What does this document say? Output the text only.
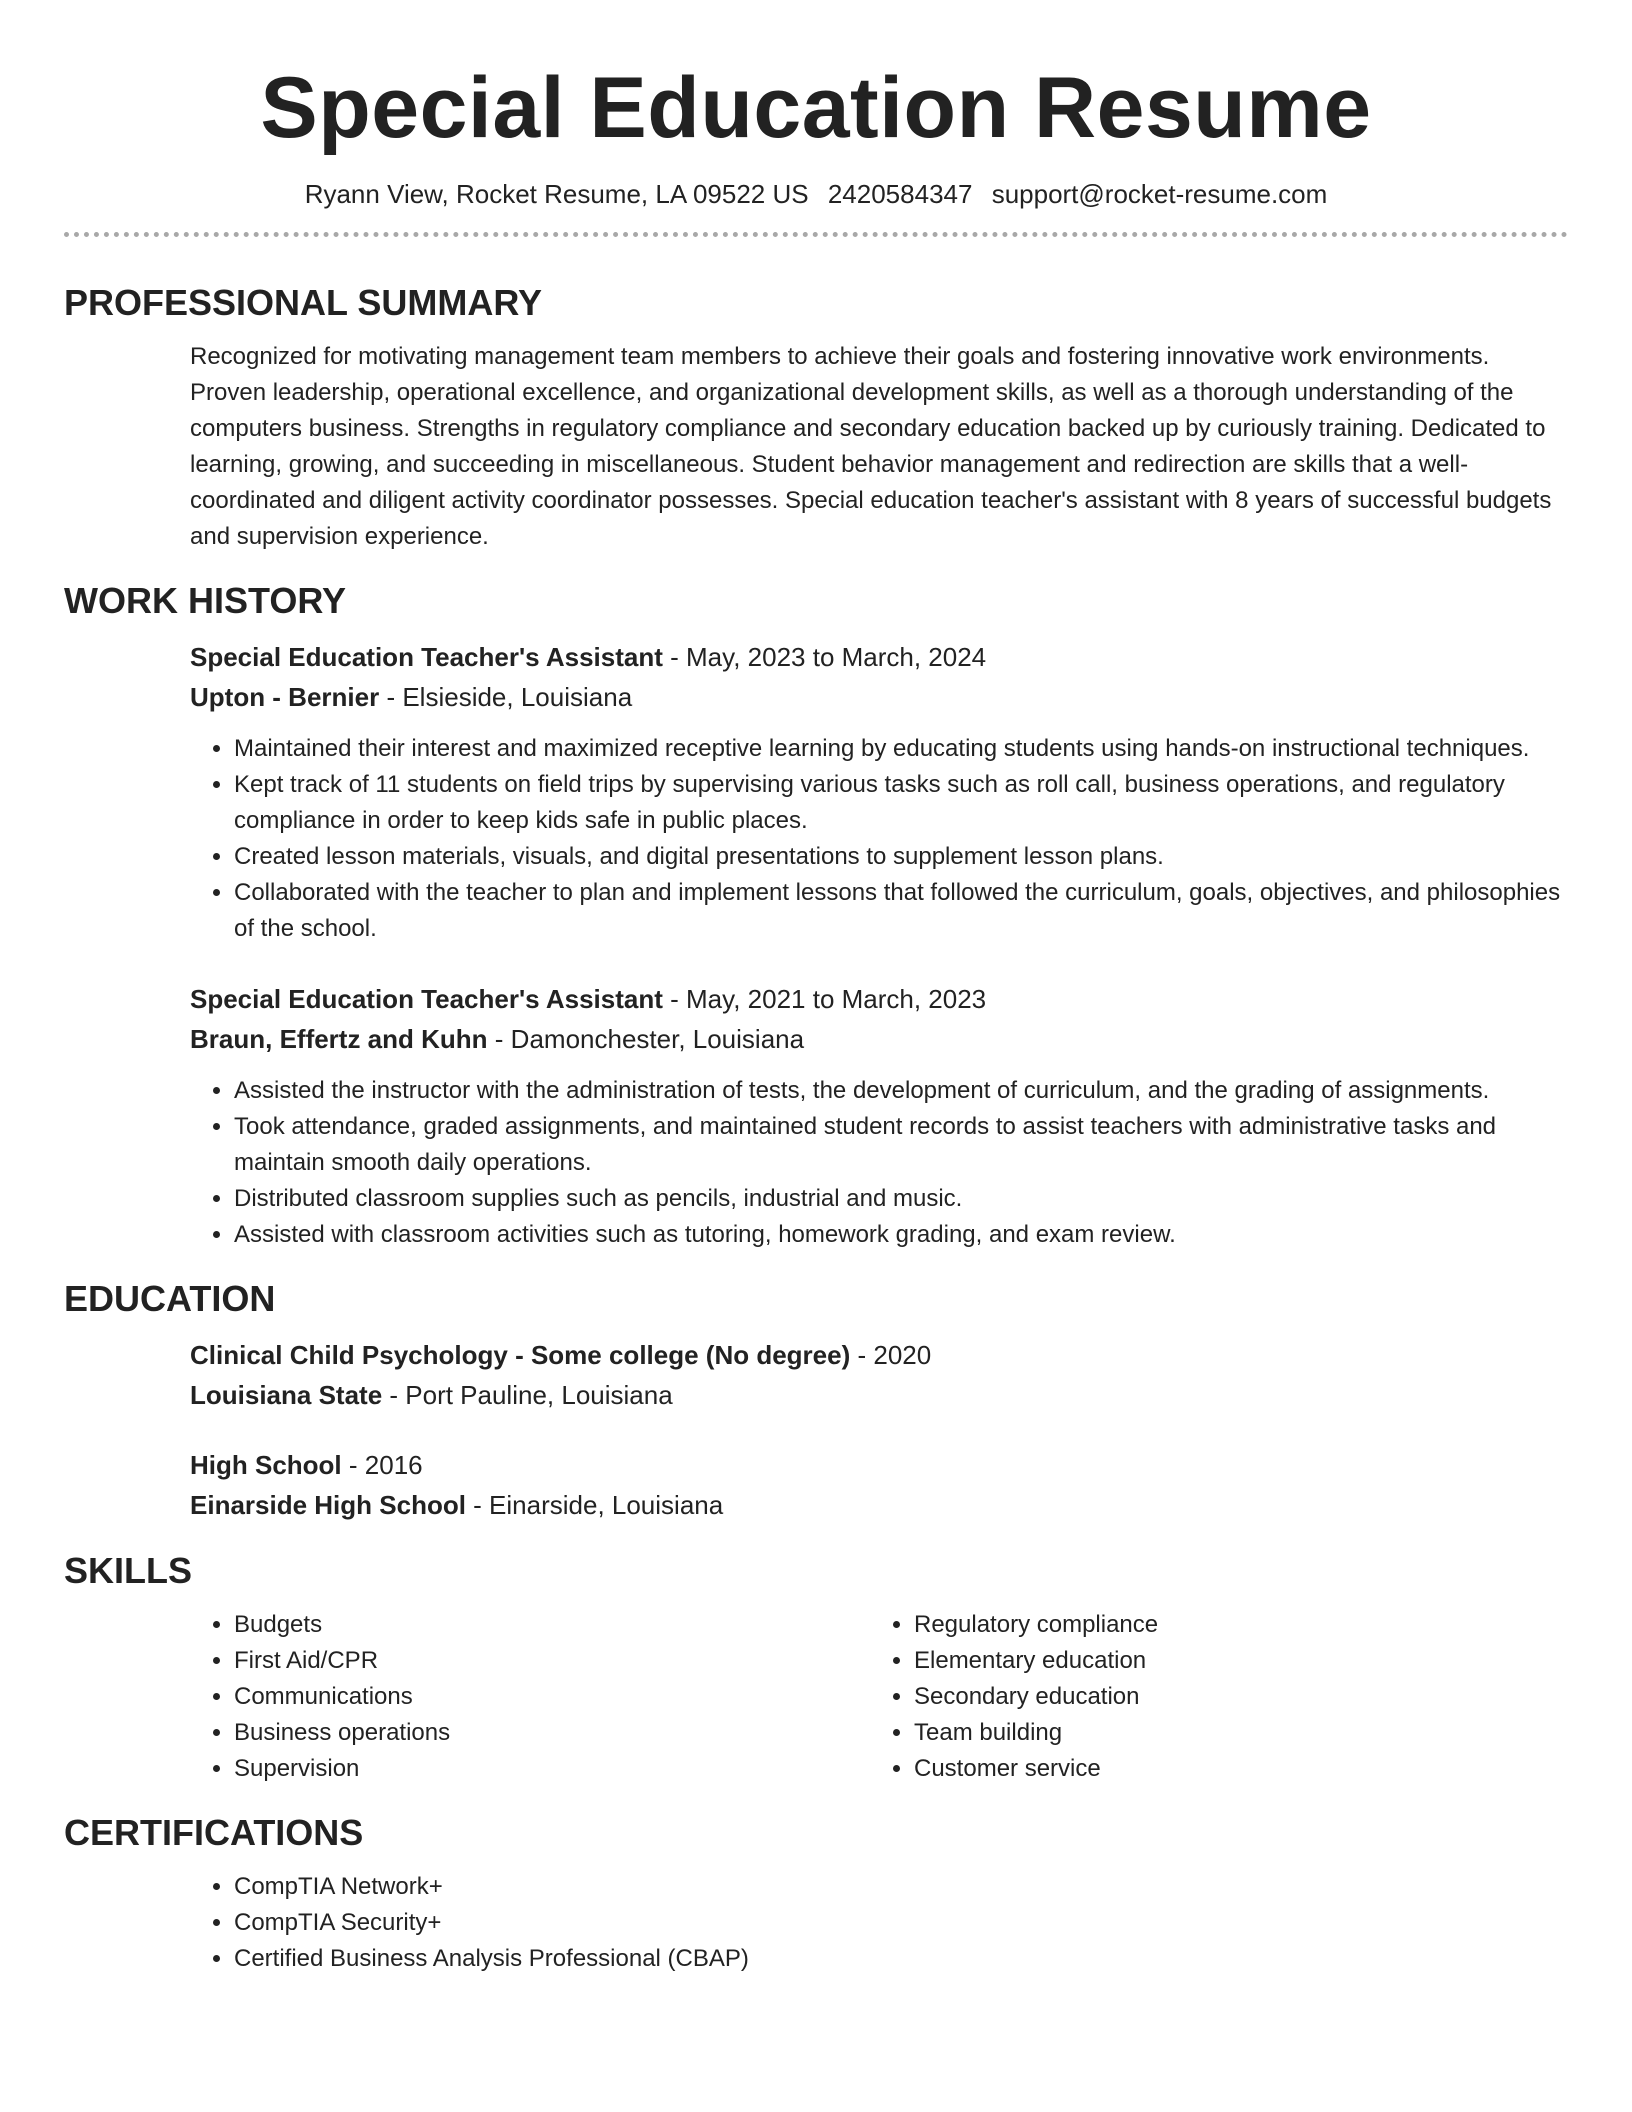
Special Education Resume
Ryann View, Rocket Resume, LA 09522 US 2420584347 support@rocket-resume.com
PROFESSIONAL SUMMARY

Recognized for motivating management team members to achieve their goals and fostering innovative work environments. Proven leadership, operational excellence, and organizational development skills, as well as a thorough understanding of the computers business. Strengths in regulatory compliance and secondary education backed up by curiously training. Dedicated to learning, growing, and succeeding in miscellaneous. Student behavior management and redirection are skills that a well-coordinated and diligent activity coordinator possesses. Special education teacher's assistant with 8 years of successful budgets and supervision experience.

WORK HISTORY
Special Education Teacher's Assistant - May, 2023 to March, 2024
Upton - Bernier - Elsieside, Louisiana
• Maintained their interest and maximized receptive learning by educating students using hands-on instructional techniques.
• Kept track of 11 students on field trips by supervising various tasks such as roll call, business operations, and regulatory compliance in order to keep kids safe in public places.
• Created lesson materials, visuals, and digital presentations to supplement lesson plans.
• Collaborated with the teacher to plan and implement lessons that followed the curriculum, goals, objectives, and philosophies of the school.
Special Education Teacher's Assistant - May, 2021 to March, 2023
Braun, Effertz and Kuhn - Damonchester, Louisiana
• Assisted the instructor with the administration of tests, the development of curriculum, and the grading of assignments.
• Took attendance, graded assignments, and maintained student records to assist teachers with administrative tasks and maintain smooth daily operations.
• Distributed classroom supplies such as pencils, industrial and music.
• Assisted with classroom activities such as tutoring, homework grading, and exam review.
EDUCATION
Clinical Child Psychology - Some college (No degree) - 2020
Louisiana State - Port Pauline, Louisiana
High School - 2016
Einarside High School - Einarside, Louisiana
SKILLS
• Budgets
• First Aid/CPR
• Communications
• Business operations
• Supervision
• Regulatory compliance
• Elementary education
• Secondary education
• Team building
• Customer service
CERTIFICATIONS
• CompTIA Network+
• CompTIA Security+
• Certified Business Analysis Professional (CBAP)
